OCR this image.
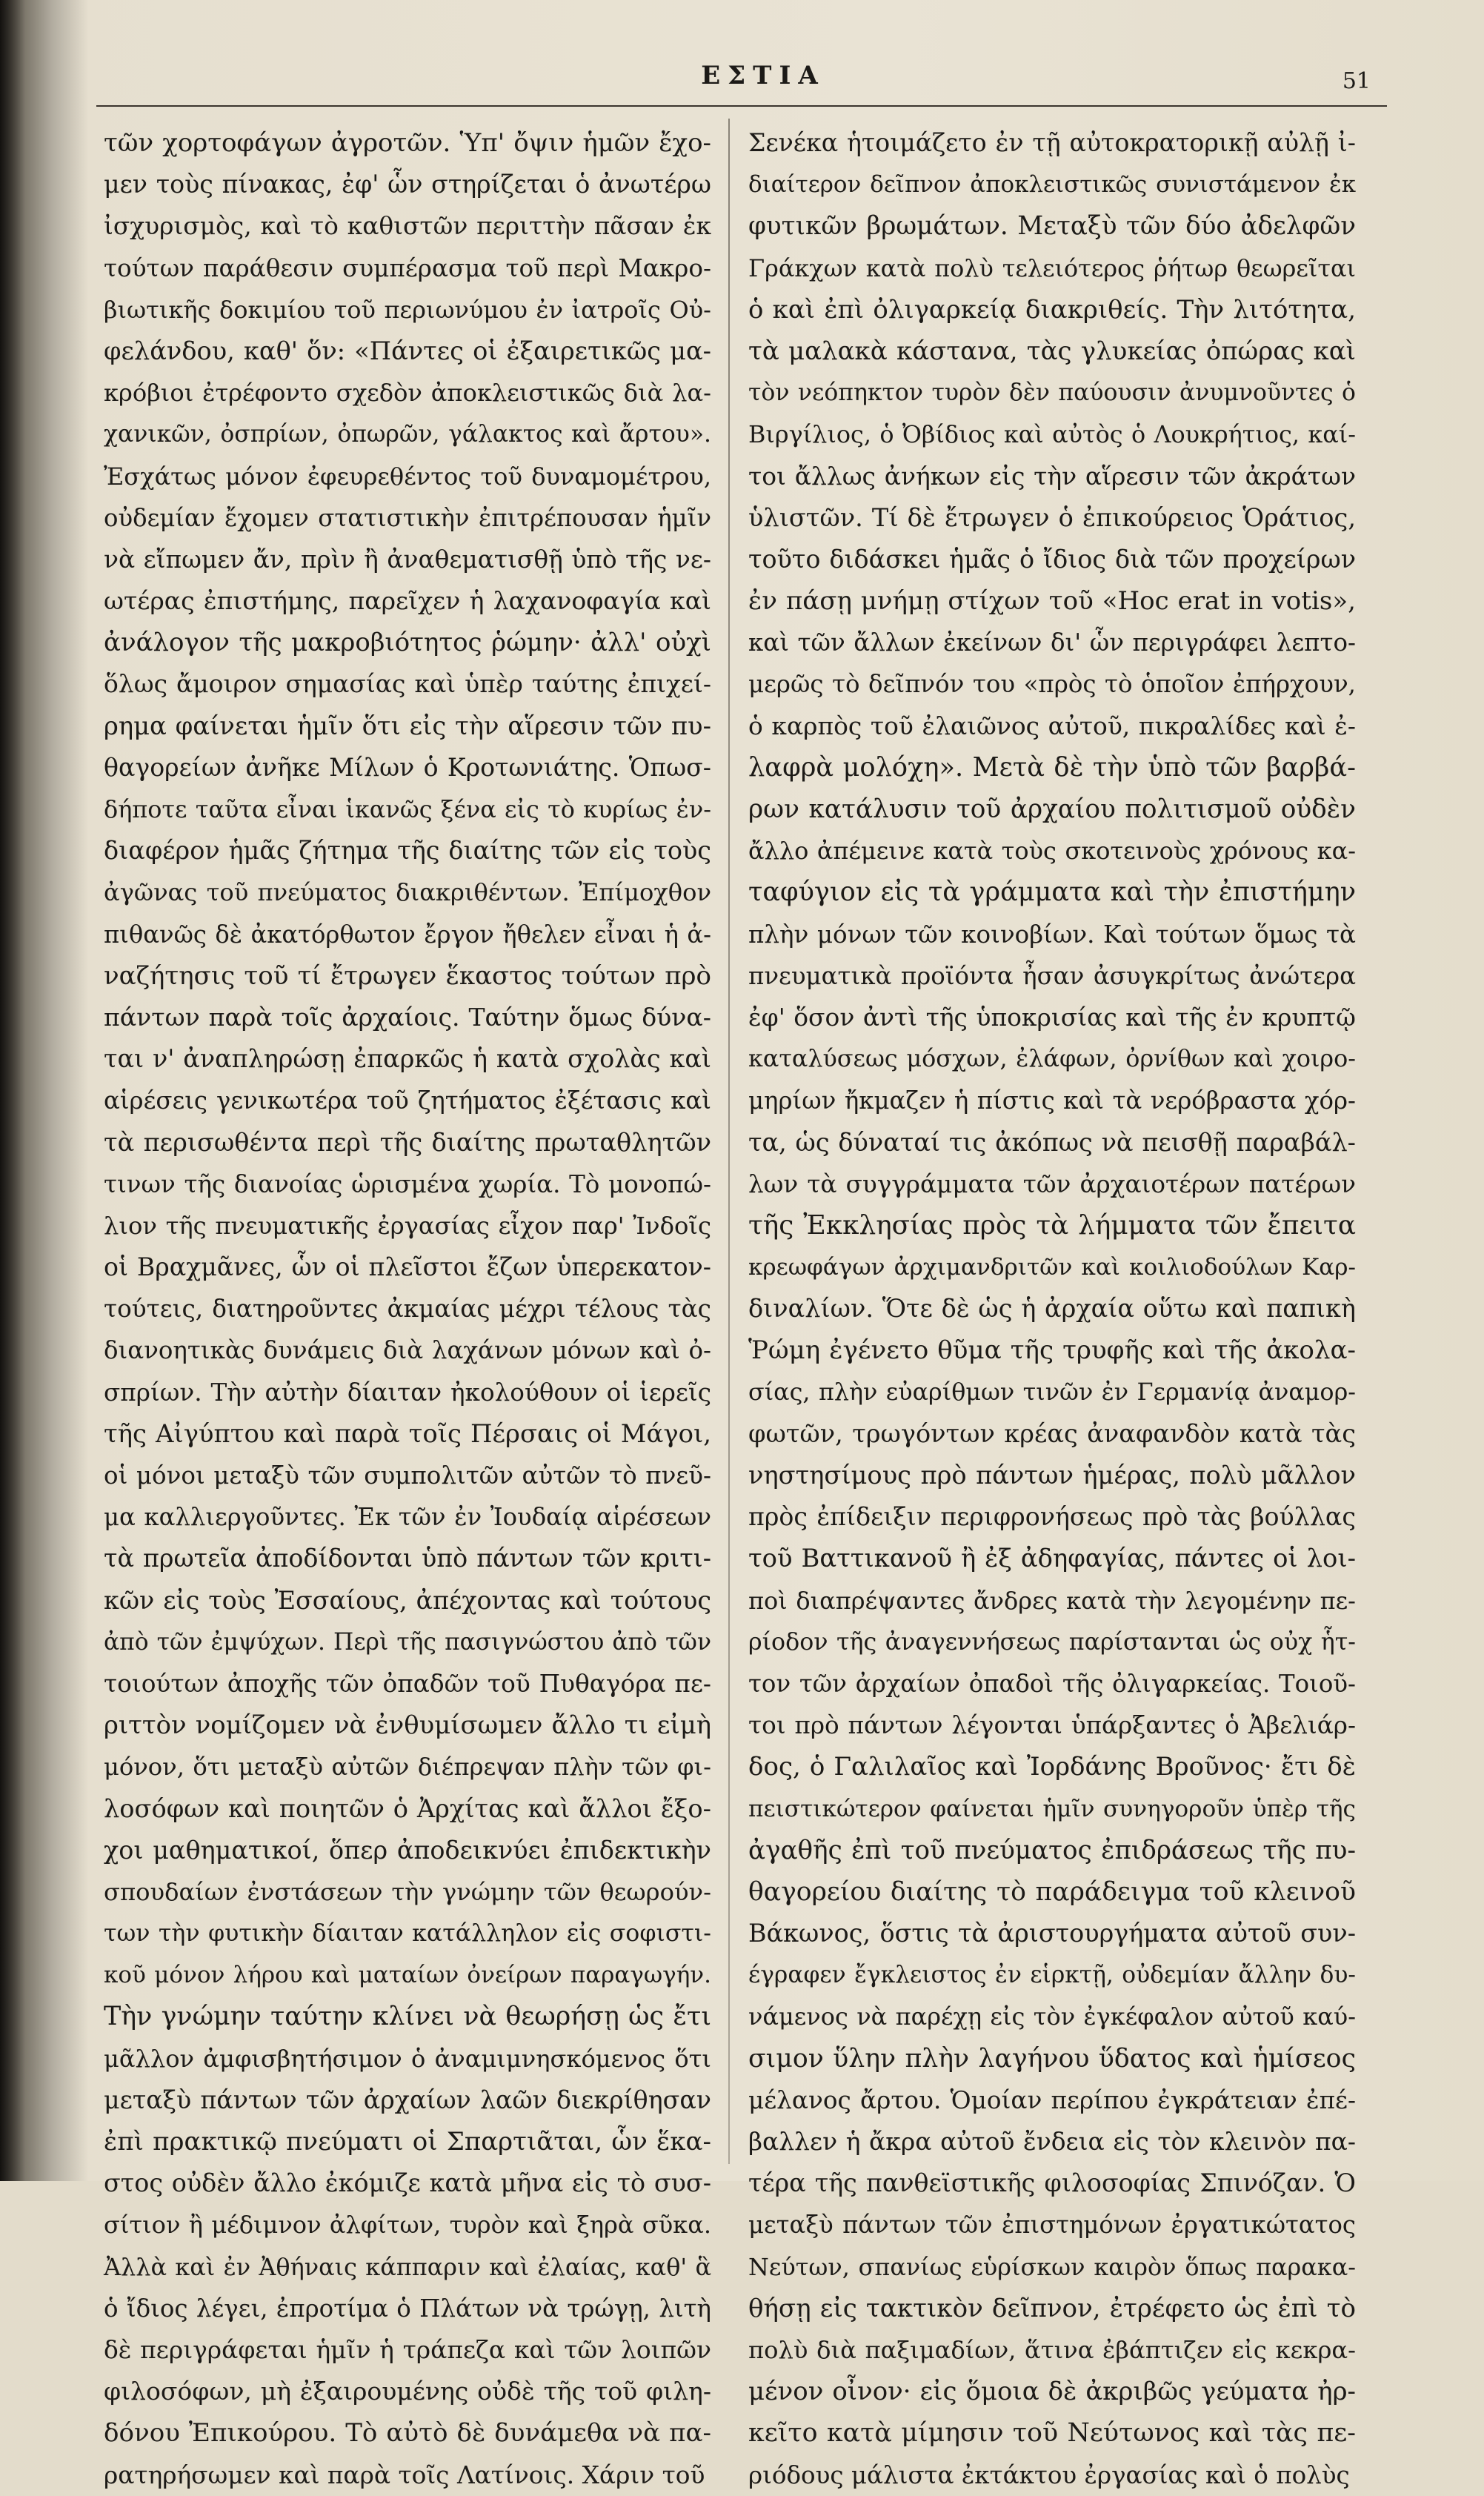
ΕΣΤΙΑ	51
τῶν χορτοφάγων ἀγροτῶν. Ὑπ' ὄψιν ἡμῶν ἔχο-
μεν τοὺς πίνακας, ἐφ' ὧν στηρίζεται ὁ ἀνωτέρω
ἰσχυρισμὸς, καὶ τὸ καθιστῶν περιττὴν πᾶσαν ἐκ
τούτων παράθεσιν συμπέρασμα τοῦ περὶ Μακρο-
βιωτικῆς δοκιμίου τοῦ περιωνύμου ἐν ἰατροῖς Οὐ-
φελάνδου, καθ' ὅν: «Πάντες οἱ ἐξαιρετικῶς μα-
κρόβιοι ἐτρέφοντο σχεδὸν ἀποκλειστικῶς διὰ λα-
χανικῶν, ὀσπρίων, ὀπωρῶν, γάλακτος καὶ ἄρτου».
Ἐσχάτως μόνον ἐφευρεθέντος τοῦ δυναμομέτρου,
οὐδεμίαν ἔχομεν στατιστικὴν ἐπιτρέπουσαν ἡμῖν
νὰ εἴπωμεν ἄν, πρὶν ἢ ἀναθεματισθῇ ὑπὸ τῆς νε-
ωτέρας ἐπιστήμης, παρεῖχεν ἡ λαχανοφαγία καὶ
ἀνάλογον τῆς μακροβιότητος ῥώμην· ἀλλ' οὐχὶ
ὅλως ἄμοιρον σημασίας καὶ ὑπὲρ ταύτης ἐπιχεί-
ρημα φαίνεται ἡμῖν ὅτι εἰς τὴν αἵρεσιν τῶν πυ-
θαγορείων ἀνῆκε Μίλων ὁ Κροτωνιάτης. Ὁπωσ-
δήποτε ταῦτα εἶναι ἱκανῶς ξένα εἰς τὸ κυρίως ἐν-
διαφέρον ἡμᾶς ζήτημα τῆς διαίτης τῶν εἰς τοὺς
ἀγῶνας τοῦ πνεύματος διακριθέντων. Ἐπίμοχθον
πιθανῶς δὲ ἀκατόρθωτον ἔργον ἤθελεν εἶναι ἡ ἀ-
ναζήτησις τοῦ τί ἔτρωγεν ἕκαστος τούτων πρὸ
πάντων παρὰ τοῖς ἀρχαίοις. Ταύτην ὅμως δύνα-
ται ν' ἀναπληρώσῃ ἐπαρκῶς ἡ κατὰ σχολὰς καὶ
αἱρέσεις γενικωτέρα τοῦ ζητήματος ἐξέτασις καὶ
τὰ περισωθέντα περὶ τῆς διαίτης πρωταθλητῶν
τινων τῆς διανοίας ὡρισμένα χωρία. Τὸ μονοπώ-
λιον τῆς πνευματικῆς ἐργασίας εἶχον παρ' Ἰνδοῖς
οἱ Βραχμᾶνες, ὧν οἱ πλεῖστοι ἔζων ὑπερεκατον-
τούτεις, διατηροῦντες ἀκμαίας μέχρι τέλους τὰς
διανοητικὰς δυνάμεις διὰ λαχάνων μόνων καὶ ὀ-
σπρίων. Τὴν αὐτὴν δίαιταν ἠκολούθουν οἱ ἱερεῖς
τῆς Αἰγύπτου καὶ παρὰ τοῖς Πέρσαις οἱ Μάγοι,
οἱ μόνοι μεταξὺ τῶν συμπολιτῶν αὐτῶν τὸ πνεῦ-
μα καλλιεργοῦντες. Ἐκ τῶν ἐν Ἰουδαίᾳ αἱρέσεων
τὰ πρωτεῖα ἀποδίδονται ὑπὸ πάντων τῶν κριτι-
κῶν εἰς τοὺς Ἐσσαίους, ἀπέχοντας καὶ τούτους
ἀπὸ τῶν ἐμψύχων. Περὶ τῆς πασιγνώστου ἀπὸ τῶν
τοιούτων ἀποχῆς τῶν ὀπαδῶν τοῦ Πυθαγόρα πε-
ριττὸν νομίζομεν νὰ ἐνθυμίσωμεν ἄλλο τι εἰμὴ
μόνον, ὅτι μεταξὺ αὐτῶν διέπρεψαν πλὴν τῶν φι-
λοσόφων καὶ ποιητῶν ὁ Ἀρχίτας καὶ ἄλλοι ἔξο-
χοι μαθηματικοί, ὅπερ ἀποδεικνύει ἐπιδεκτικὴν
σπουδαίων ἐνστάσεων τὴν γνώμην τῶν θεωρούν-
των τὴν φυτικὴν δίαιταν κατάλληλον εἰς σοφιστι-
κοῦ μόνον λήρου καὶ ματαίων ὀνείρων παραγωγήν.
Τὴν γνώμην ταύτην κλίνει νὰ θεωρήσῃ ὡς ἔτι
μᾶλλον ἀμφισβητήσιμον ὁ ἀναμιμνησκόμενος ὅτι
μεταξὺ πάντων τῶν ἀρχαίων λαῶν διεκρίθησαν
ἐπὶ πρακτικῷ πνεύματι οἱ Σπαρτιᾶται, ὧν ἕκα-
στος οὐδὲν ἄλλο ἐκόμιζε κατὰ μῆνα εἰς τὸ συσ-
σίτιον ἢ μέδιμνον ἀλφίτων, τυρὸν καὶ ξηρὰ σῦκα.
Ἀλλὰ καὶ ἐν Ἀθήναις κάππαριν καὶ ἐλαίας, καθ' ἃ
ὁ ἴδιος λέγει, ἐπροτίμα ὁ Πλάτων νὰ τρώγῃ, λιτὴ
δὲ περιγράφεται ἡμῖν ἡ τράπεζα καὶ τῶν λοιπῶν
φιλοσόφων, μὴ ἐξαιρουμένης οὐδὲ τῆς τοῦ φιλη-
δόνου Ἐπικούρου. Τὸ αὐτὸ δὲ δυνάμεθα νὰ πα-
ρατηρήσωμεν καὶ παρὰ τοῖς Λατίνοις. Χάριν τοῦ
Σενέκα ἡτοιμάζετο ἐν τῇ αὐτοκρατορικῇ αὐλῇ ἰ-
διαίτερον δεῖπνον ἀποκλειστικῶς συνιστάμενον ἐκ
φυτικῶν βρωμάτων. Μεταξὺ τῶν δύο ἀδελφῶν
Γράκχων κατὰ πολὺ τελειότερος ῥήτωρ θεωρεῖται
ὁ καὶ ἐπὶ ὀλιγαρκείᾳ διακριθείς. Τὴν λιτότητα,
τὰ μαλακὰ κάστανα, τὰς γλυκείας ὀπώρας καὶ
τὸν νεόπηκτον τυρὸν δὲν παύουσιν ἀνυμνοῦντες ὁ
Βιργίλιος, ὁ Ὀβίδιος καὶ αὐτὸς ὁ Λουκρήτιος, καί-
τοι ἄλλως ἀνήκων εἰς τὴν αἵρεσιν τῶν ἀκράτων
ὑλιστῶν. Τί δὲ ἔτρωγεν ὁ ἐπικούρειος Ὁράτιος,
τοῦτο διδάσκει ἡμᾶς ὁ ἴδιος διὰ τῶν προχείρων
ἐν πάσῃ μνήμῃ στίχων τοῦ «Hoc erat in votis»,
καὶ τῶν ἄλλων ἐκείνων δι' ὧν περιγράφει λεπτο-
μερῶς τὸ δεῖπνόν του «πρὸς τὸ ὁποῖον ἐπήρχουν,
ὁ καρπὸς τοῦ ἐλαιῶνος αὐτοῦ, πικραλίδες καὶ ἐ-
λαφρὰ μολόχη». Μετὰ δὲ τὴν ὑπὸ τῶν βαρβά-
ρων κατάλυσιν τοῦ ἀρχαίου πολιτισμοῦ οὐδὲν
ἄλλο ἀπέμεινε κατὰ τοὺς σκοτεινοὺς χρόνους κα-
ταφύγιον εἰς τὰ γράμματα καὶ τὴν ἐπιστήμην
πλὴν μόνων τῶν κοινοβίων. Καὶ τούτων ὅμως τὰ
πνευματικὰ προϊόντα ἦσαν ἀσυγκρίτως ἀνώτερα
ἐφ' ὅσον ἀντὶ τῆς ὑποκρισίας καὶ τῆς ἐν κρυπτῷ
καταλύσεως μόσχων, ἐλάφων, ὀρνίθων καὶ χοιρο-
μηρίων ἤκμαζεν ἡ πίστις καὶ τὰ νερόβραστα χόρ-
τα, ὡς δύναταί τις ἀκόπως νὰ πεισθῇ παραβάλ-
λων τὰ συγγράμματα τῶν ἀρχαιοτέρων πατέρων
τῆς Ἐκκλησίας πρὸς τὰ λήμματα τῶν ἔπειτα
κρεωφάγων ἀρχιμανδριτῶν καὶ κοιλιοδούλων Καρ-
διναλίων. Ὅτε δὲ ὡς ἡ ἀρχαία οὕτω καὶ παπικὴ
Ῥώμη ἐγένετο θῦμα τῆς τρυφῆς καὶ τῆς ἀκολα-
σίας, πλὴν εὐαρίθμων τινῶν ἐν Γερμανίᾳ ἀναμορ-
φωτῶν, τρωγόντων κρέας ἀναφανδὸν κατὰ τὰς
νηστησίμους πρὸ πάντων ἡμέρας, πολὺ μᾶλλον
πρὸς ἐπίδειξιν περιφρονήσεως πρὸ τὰς βούλλας
τοῦ Βαττικανοῦ ἢ ἐξ ἀδηφαγίας, πάντες οἱ λοι-
ποὶ διαπρέψαντες ἄνδρες κατὰ τὴν λεγομένην πε-
ρίοδον τῆς ἀναγεννήσεως παρίστανται ὡς οὐχ ἧτ-
τον τῶν ἀρχαίων ὀπαδοὶ τῆς ὀλιγαρκείας. Τοιοῦ-
τοι πρὸ πάντων λέγονται ὑπάρξαντες ὁ Ἀβελιάρ-
δος, ὁ Γαλιλαῖος καὶ Ἰορδάνης Βροῦνος· ἔτι δὲ
πειστικώτερον φαίνεται ἡμῖν συνηγοροῦν ὑπὲρ τῆς
ἀγαθῆς ἐπὶ τοῦ πνεύματος ἐπιδράσεως τῆς πυ-
θαγορείου διαίτης τὸ παράδειγμα τοῦ κλεινοῦ
Βάκωνος, ὅστις τὰ ἀριστουργήματα αὐτοῦ συν-
έγραφεν ἔγκλειστος ἐν εἱρκτῇ, οὐδεμίαν ἄλλην δυ-
νάμενος νὰ παρέχῃ εἰς τὸν ἐγκέφαλον αὐτοῦ καύ-
σιμον ὕλην πλὴν λαγήνου ὕδατος καὶ ἡμίσεος
μέλανος ἄρτου. Ὁμοίαν περίπου ἐγκράτειαν ἐπέ-
βαλλεν ἡ ἄκρα αὐτοῦ ἔνδεια εἰς τὸν κλεινὸν πα-
τέρα τῆς πανθεϊστικῆς φιλοσοφίας Σπινόζαν. Ὁ
μεταξὺ πάντων τῶν ἐπιστημόνων ἐργατικώτατος
Νεύτων, σπανίως εὑρίσκων καιρὸν ὅπως παρακα-
θήσῃ εἰς τακτικὸν δεῖπνον, ἐτρέφετο ὡς ἐπὶ τὸ
πολὺ διὰ παξιμαδίων, ἅτινα ἐβάπτιζεν εἰς κεκρα-
μένον οἶνον· εἰς ὅμοια δὲ ἀκριβῶς γεύματα ἠρ-
κεῖτο κατὰ μίμησιν τοῦ Νεύτωνος καὶ τὰς πε-
ριόδους μάλιστα ἐκτάκτου ἐργασίας καὶ ὁ πολὺς
